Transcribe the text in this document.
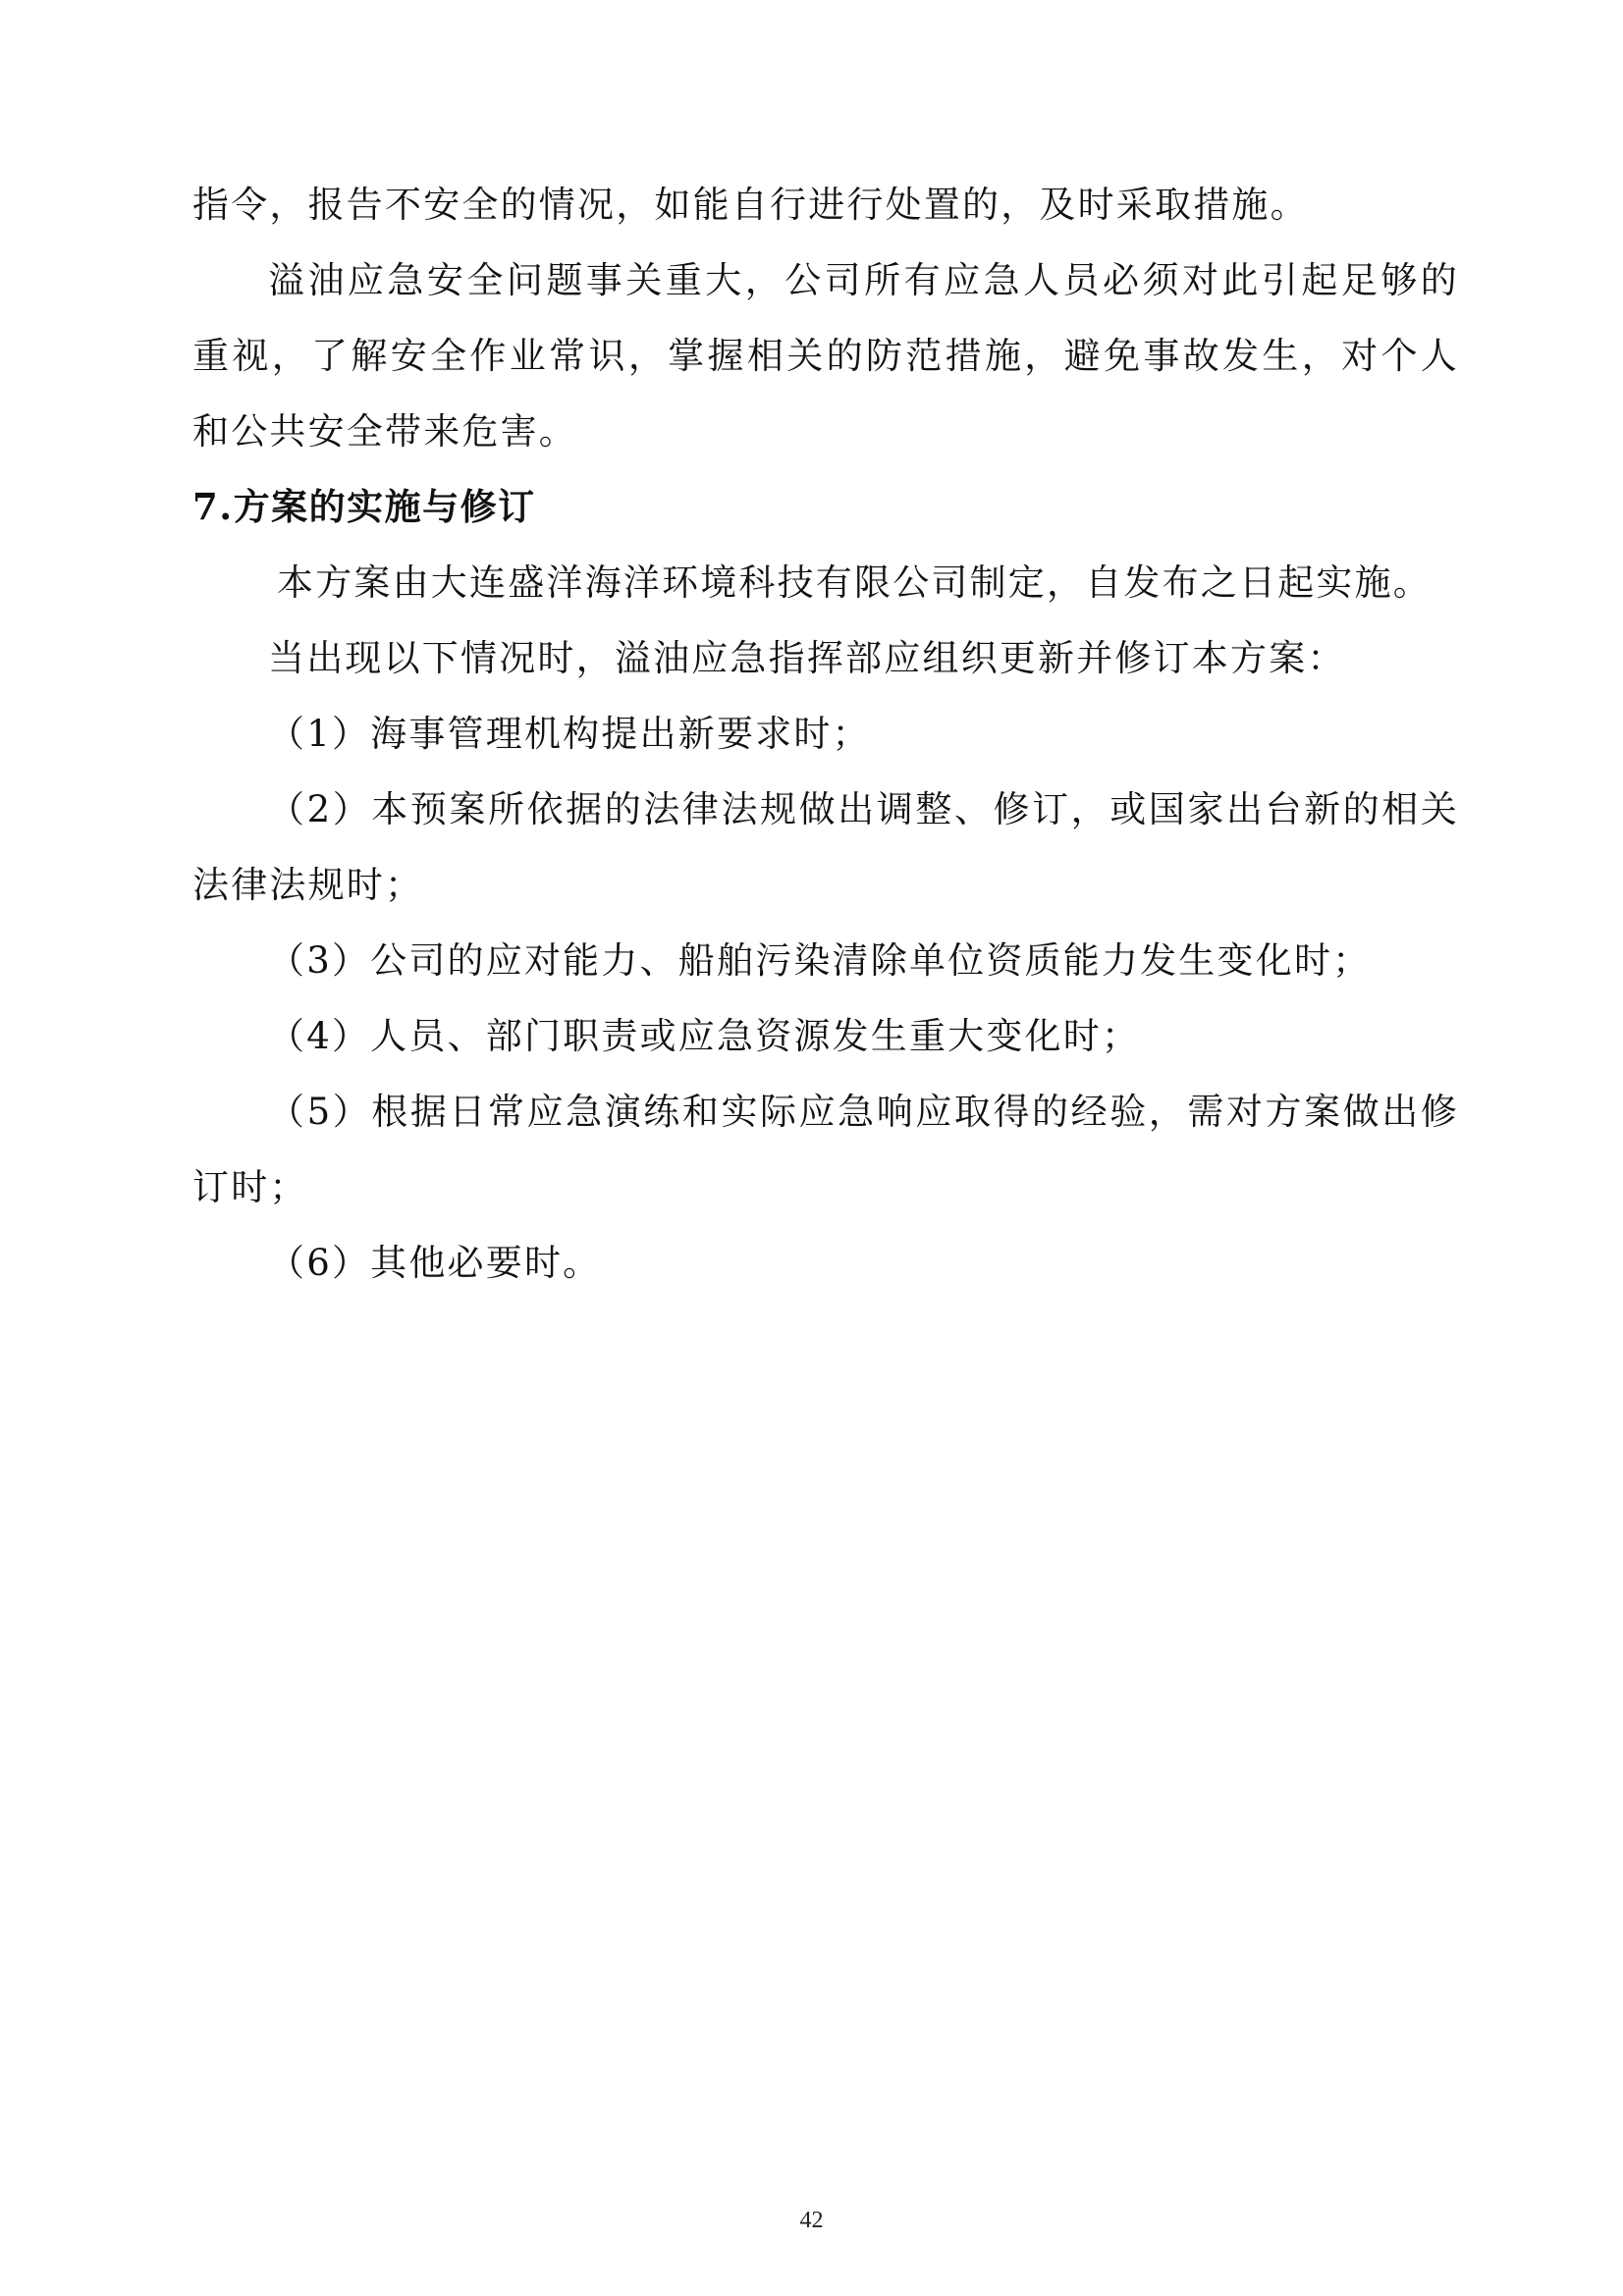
指令，报告不安全的情况，如能自行进行处置的，及时采取措施。

溢油应急安全问题事关重大，公司所有应急人员必须对此引起足够的重视，了解安全作业常识，掌握相关的防范措施，避免事故发生，对个人和公共安全带来危害。

7.方案的实施与修订

本方案由大连盛洋海洋环境科技有限公司制定，自发布之日起实施。

当出现以下情况时，溢油应急指挥部应组织更新并修订本方案：

（1）海事管理机构提出新要求时；

（2）本预案所依据的法律法规做出调整、修订，或国家出台新的相关法律法规时；

（3）公司的应对能力、船舶污染清除单位资质能力发生变化时；

（4）人员、部门职责或应急资源发生重大变化时；

（5）根据日常应急演练和实际应急响应取得的经验，需对方案做出修订时；

（6）其他必要时。

42
